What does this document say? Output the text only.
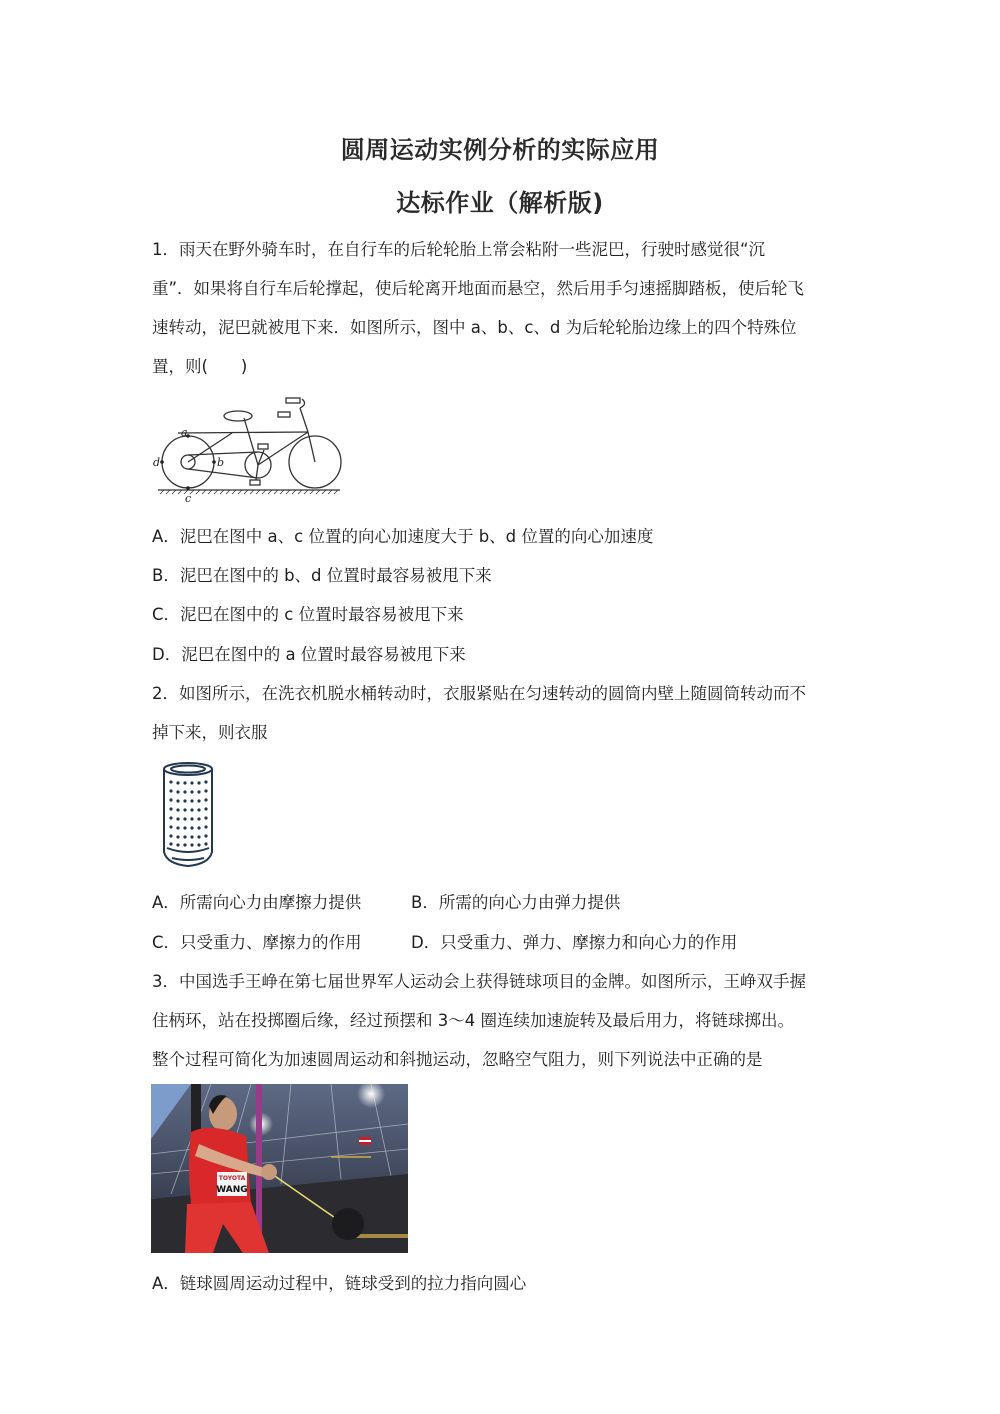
圆周运动实例分析的实际应用
达标作业（解析版)
1．雨天在野外骑车时，在自行车的后轮轮胎上常会粘附一些泥巴，行驶时感觉很“沉
重”．如果将自行车后轮撑起，使后轮离开地面而悬空，然后用手匀速摇脚踏板，使后轮飞
速转动，泥巴就被甩下来．如图所示，图中 a、b、c、d 为后轮轮胎边缘上的四个特殊位
置，则(　　)
a
b
c
d
A．泥巴在图中 a、c 位置的向心加速度大于 b、d 位置的向心加速度
B．泥巴在图中的 b、d 位置时最容易被甩下来
C．泥巴在图中的 c 位置时最容易被甩下来
D．泥巴在图中的 a 位置时最容易被甩下来
2．如图所示，在洗衣机脱水桶转动时，衣服紧贴在匀速转动的圆筒内壁上随圆筒转动而不
掉下来，则衣服
A．所需向心力由摩擦力提供	B．所需的向心力由弹力提供
C．只受重力、摩擦力的作用	D．只受重力、弹力、摩擦力和向心力的作用
3．中国选手王峥在第七届世界军人运动会上获得链球项目的金牌。如图所示，王峥双手握
住柄环，站在投掷圈后缘，经过预摆和 3～4 圈连续加速旋转及最后用力，将链球掷出。
整个过程可简化为加速圆周运动和斜抛运动，忽略空气阻力，则下列说法中正确的是
TOYOTA
WANG
A．链球圆周运动过程中，链球受到的拉力指向圆心
